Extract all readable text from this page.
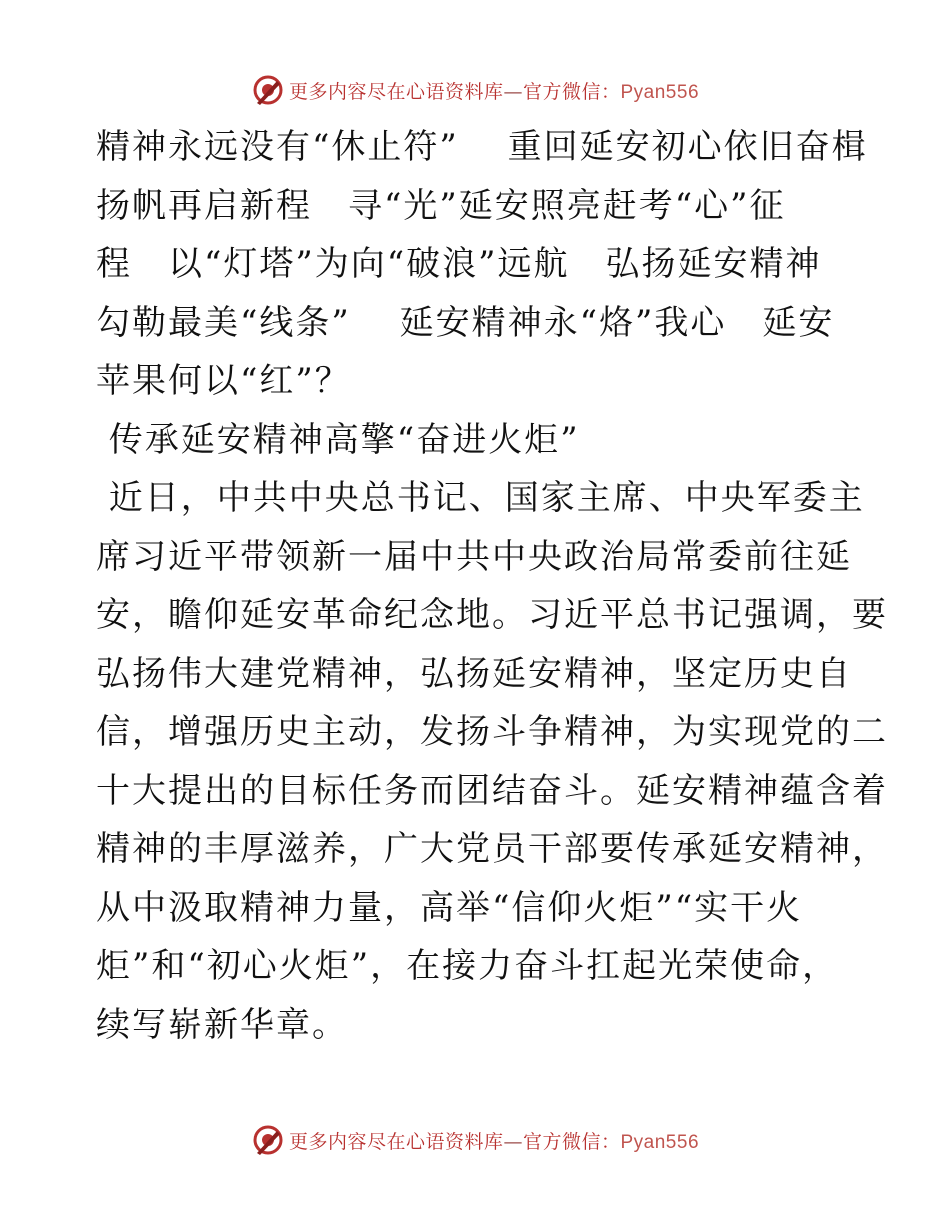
更多内容尽在心语资料库—官方微信：Pyan556

精神永远没有“休止符”　 重回延安初心依旧奋楫

扬帆再启新程　寻“光”延安照亮赶考“心”征

程　以“灯塔”为向“破浪”远航　弘扬延安精神

勾勒最美“线条”　 延安精神永“烙”我心　延安

苹果何以“红”？

传承延安精神高擎“奋进火炬”

近日，中共中央总书记、国家主席、中央军委主

席习近平带领新一届中共中央政治局常委前往延

安，瞻仰延安革命纪念地。习近平总书记强调，要

弘扬伟大建党精神，弘扬延安精神，坚定历史自

信，增强历史主动，发扬斗争精神，为实现党的二

十大提出的目标任务而团结奋斗。延安精神蕴含着

精神的丰厚滋养，广大党员干部要传承延安精神，

从中汲取精神力量，高举“信仰火炬”“实干火

炬”和“初心火炬”，在接力奋斗扛起光荣使命，

续写崭新华章。

更多内容尽在心语资料库—官方微信：Pyan556
